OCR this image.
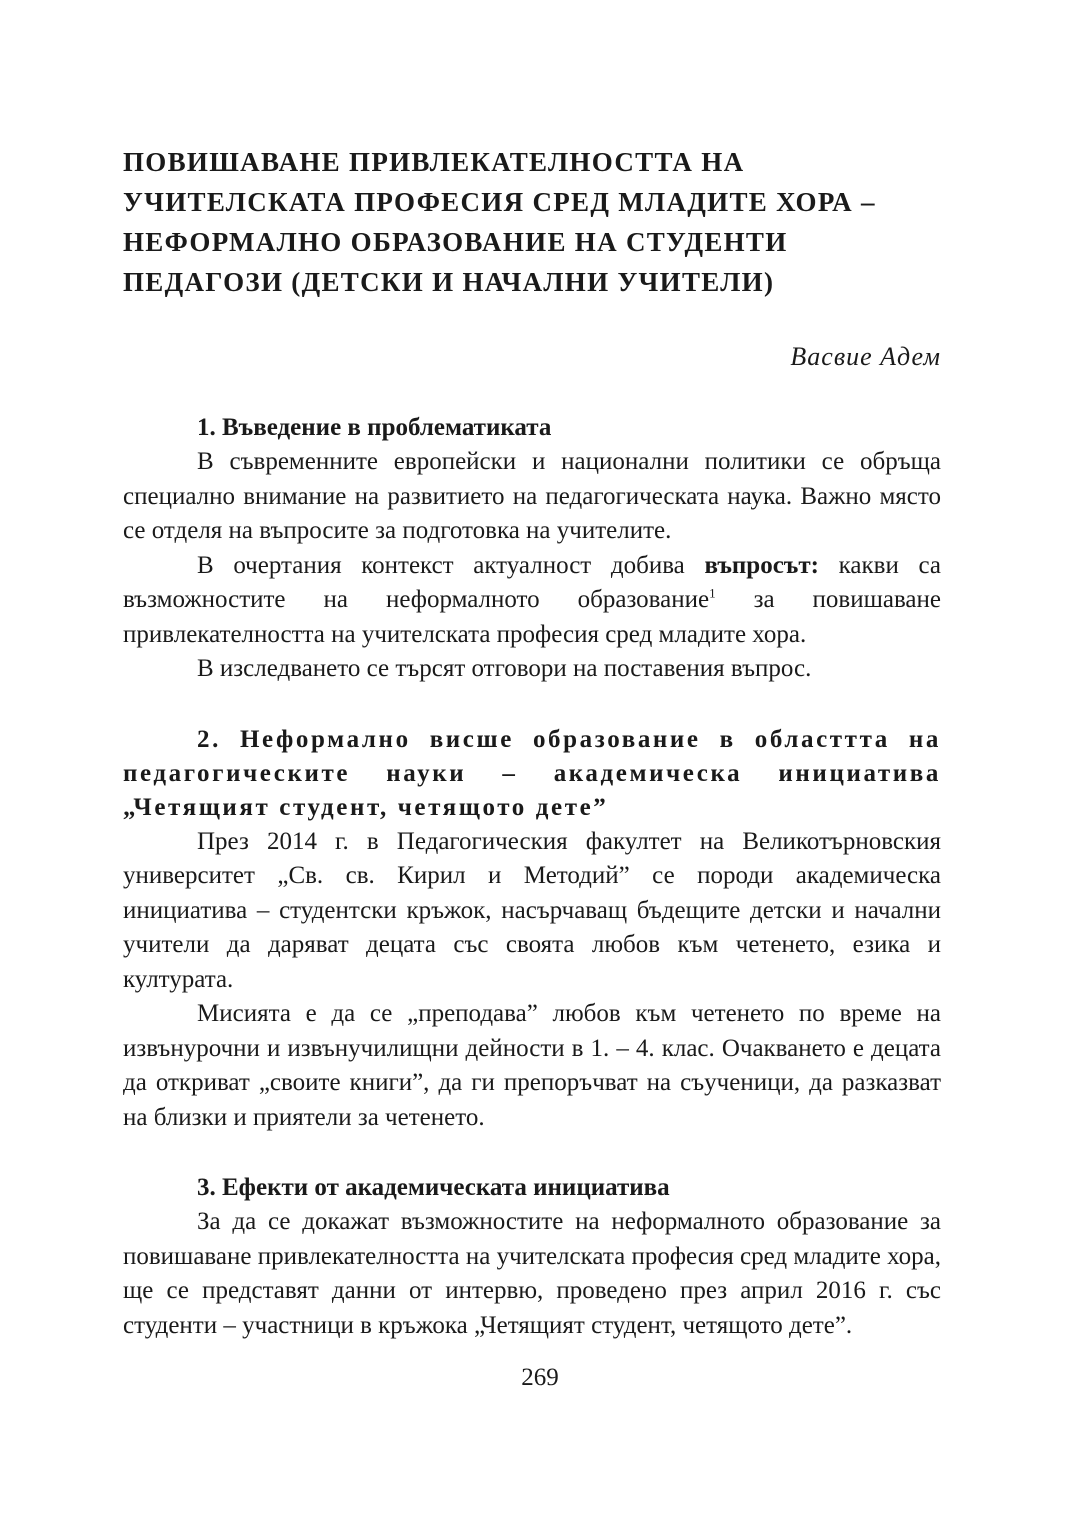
ПОВИШАВАНЕ ПРИВЛЕКАТЕЛНОСТТА НА
УЧИТЕЛСКАТА ПРОФЕСИЯ СРЕД МЛАДИТЕ ХОРА –
НЕФОРМАЛНО ОБРАЗОВАНИЕ НА СТУДЕНТИ
ПЕДАГОЗИ (ДЕТСКИ И НАЧАЛНИ УЧИТЕЛИ)
Васвие Адем
1. Въведение в проблематиката

В съвременните европейски и национални политики се обръща специално внимание на развитието на педагогическата наука. Важно място се отделя на въпросите за подготовка на учителите.

В очертания контекст актуалност добива въпросът: какви са възможностите на неформалното образование$^1$ за повишаване привлекателността на учителската професия сред младите хора.

В изследването се търсят отговори на поставения въпрос.

2. Неформално висше образование в областтта на педагогическите науки – академическа инициатива „Четящият студент, четящото дете”

През 2014 г. в Педагогическия факултет на Великотърновския университет „Св. св. Кирил и Методий” се породи академическа инициатива – студентски кръжок, насърчаващ бъдещите детски и начални учители да даряват децата със своята любов към четенето, езика и културата.

Мисията е да се „преподава” любов към четенето по време на извънурочни и извънучилищни дейности в 1. – 4. клас. Очакването е децата да откриват „своите книги”, да ги препоръчват на съученици, да разказват на близки и приятели за четенето.

3. Ефекти от академическата инициатива

За да се докажат възможностите на неформалното образование за повишаване привлекателността на учителската професия сред младите хора, ще се представят данни от интервю, проведено през април 2016 г. със студенти – участници в кръжока „Четящият студент, четящото дете”.

269
